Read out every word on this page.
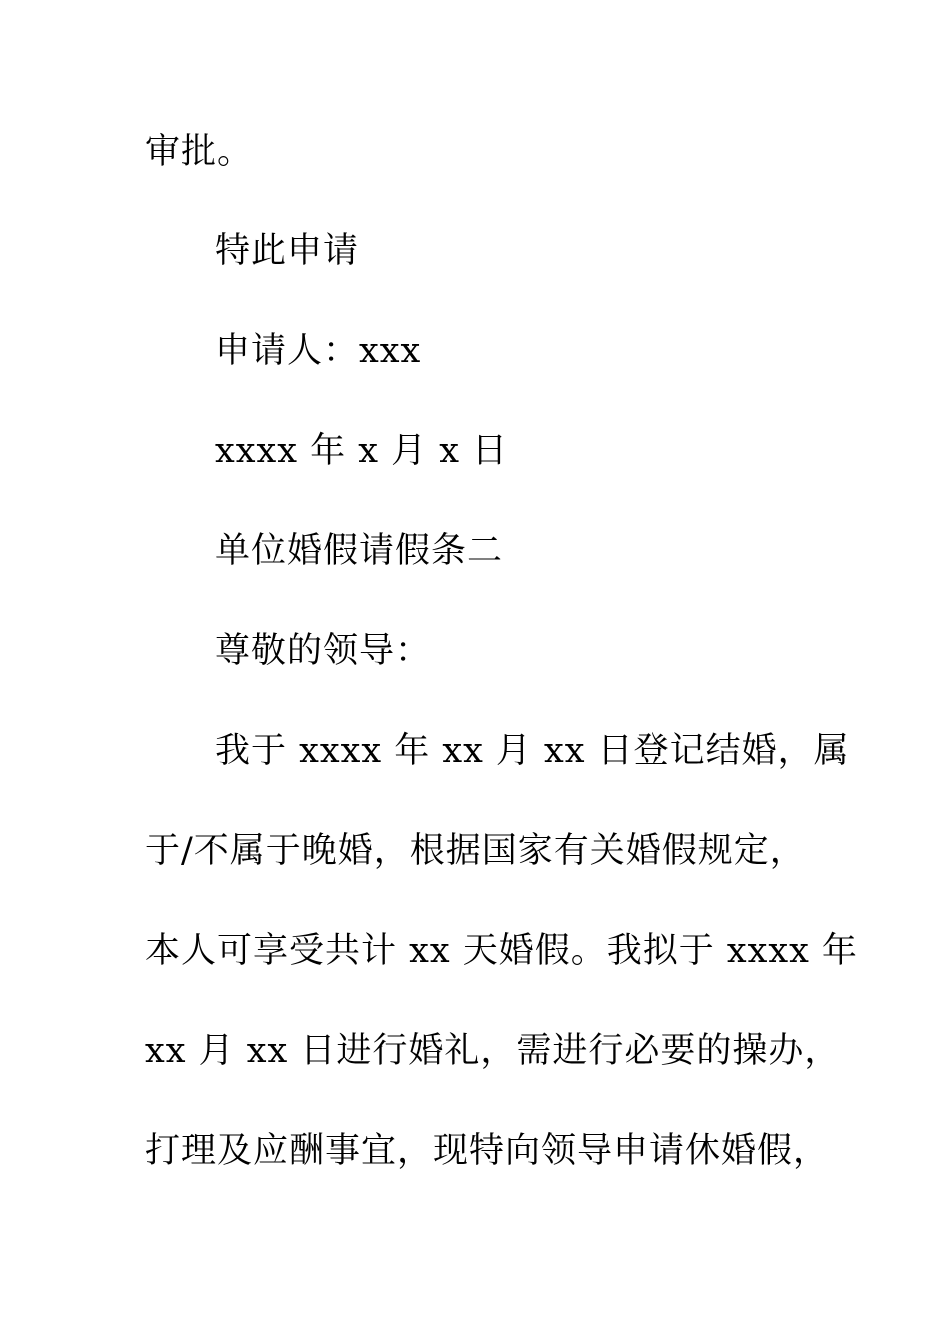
审批。
特此申请
申请人：xxx
xxxx 年 x 月 x 日
单位婚假请假条二
尊敬的领导：
我于 xxxx 年 xx 月 xx 日登记结婚，属
于/不属于晚婚，根据国家有关婚假规定，
本人可享受共计 xx 天婚假。我拟于 xxxx 年
xx 月 xx 日进行婚礼，需进行必要的操办，
打理及应酬事宜，现特向领导申请休婚假，
